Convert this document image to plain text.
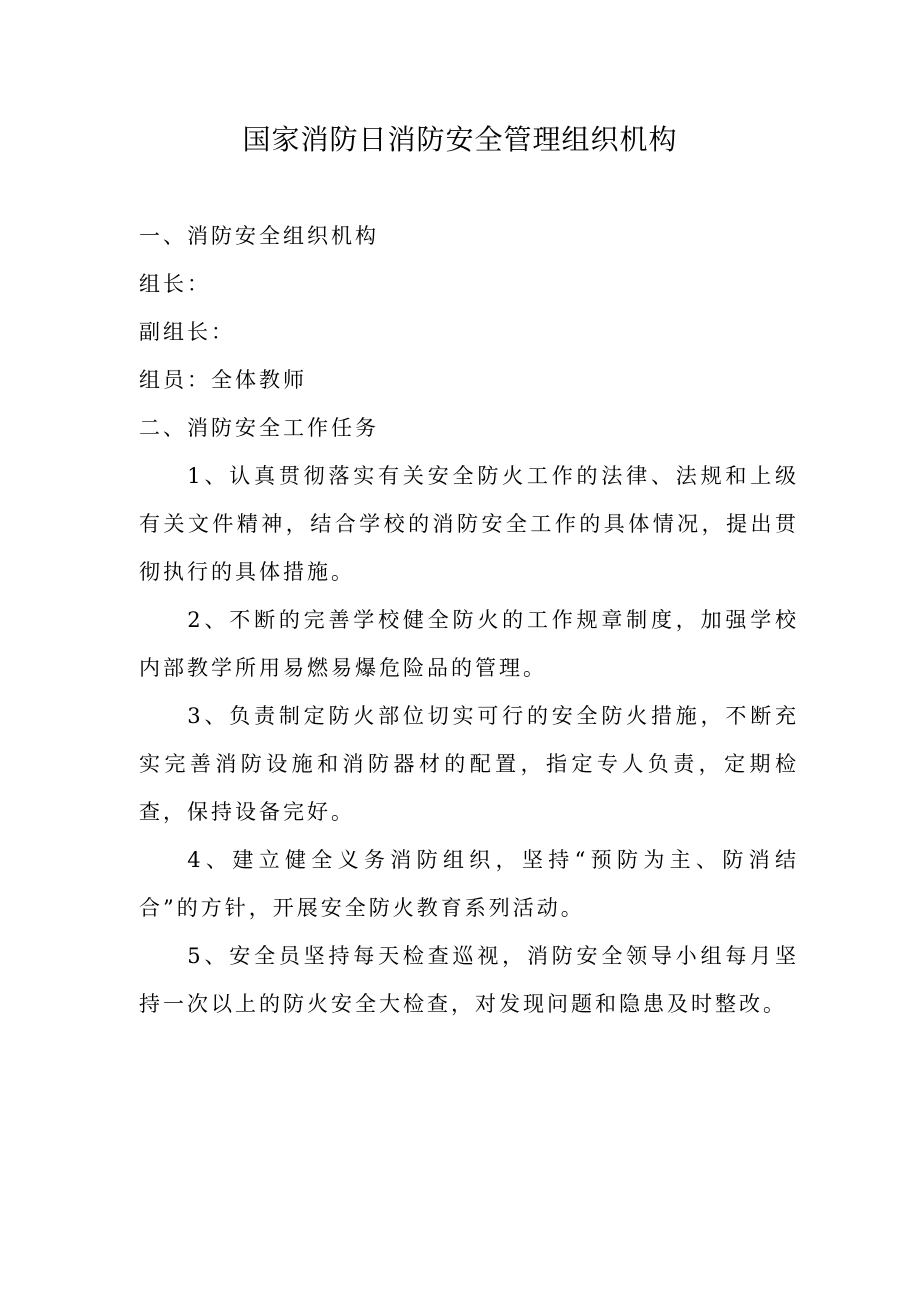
国家消防日消防安全管理组织机构

一、消防安全组织机构

组长：

副组长：

组员：全体教师

二、消防安全工作任务

1、认真贯彻落实有关安全防火工作的法律、法规和上级有关文件精神，结合学校的消防安全工作的具体情况，提出贯彻执行的具体措施。

2、不断的完善学校健全防火的工作规章制度，加强学校内部教学所用易燃易爆危险品的管理。

3、负责制定防火部位切实可行的安全防火措施，不断充实完善消防设施和消防器材的配置，指定专人负责，定期检查，保持设备完好。

4、建立健全义务消防组织，坚持“预防为主、防消结合”的方针，开展安全防火教育系列活动。

5、安全员坚持每天检查巡视，消防安全领导小组每月坚持一次以上的防火安全大检查，对发现问题和隐患及时整改。
